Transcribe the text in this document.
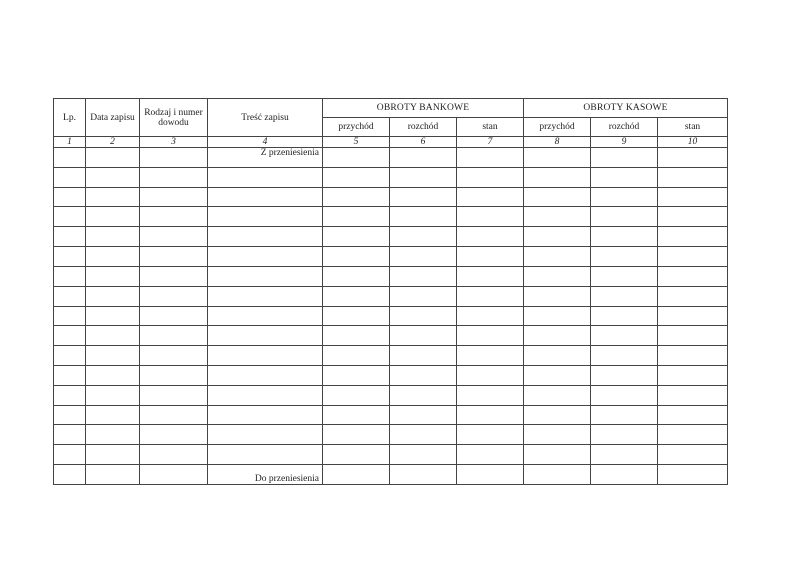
Lp.	Data zapisu	Rodzaj i numer dowodu	Treść zapisu	OBROTY BANKOWE			OBROTY KASOWE		
				przychód	rozchód	stan	przychód	rozchód	stan
1	2	3	4	5	6	7	8	9	10
			Z przeniesienia						

			Do przeniesienia						
